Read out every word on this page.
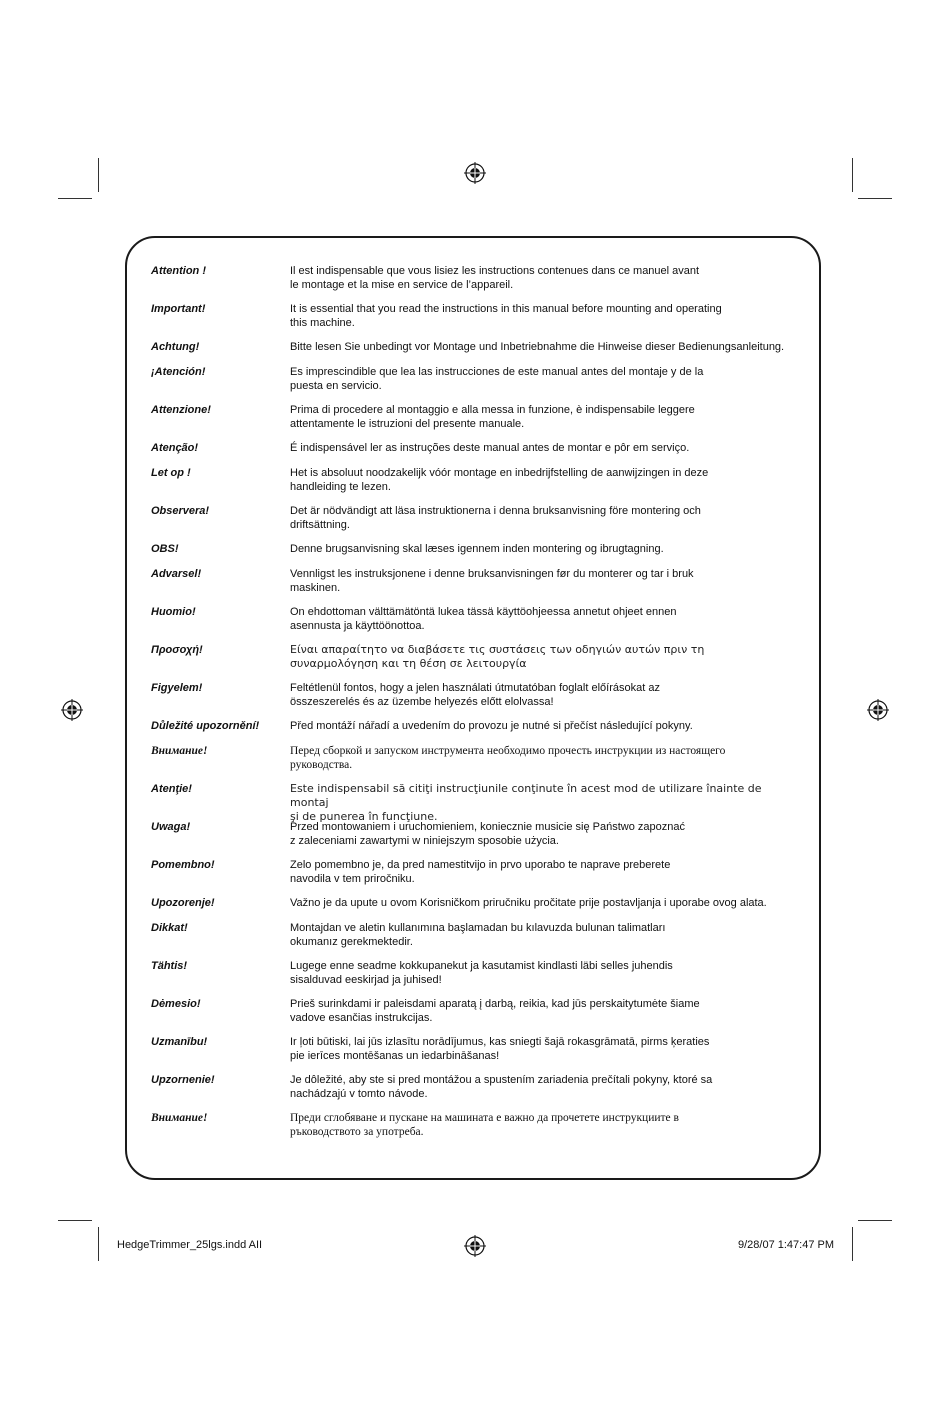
Attention !	Il est indispensable que vous lisiez les instructions contenues dans ce manuel avant
le montage et la mise en service de l’appareil.
Important!	It is essential that you read the instructions in this manual before mounting and operating
this machine.
Achtung!	Bitte lesen Sie unbedingt vor Montage und Inbetriebnahme die Hinweise dieser Bedienungsanleitung.
¡Atención!	Es imprescindible que lea las instrucciones de este manual antes del montaje y de la
puesta en servicio.
Attenzione!	Prima di procedere al montaggio e alla messa in funzione, è indispensabile leggere
attentamente le istruzioni del presente manuale.
Atenção!	É indispensável ler as instruções deste manual antes de montar e pôr em serviço.
Let op !	Het is absoluut noodzakelijk vóór montage en inbedrijfstelling de aanwijzingen in deze
handleiding te lezen.
Observera!	Det är nödvändigt att läsa instruktionerna i denna bruksanvisning före montering och
driftsättning.
OBS!	Denne brugsanvisning skal læses igennem inden montering og ibrugtagning.
Advarsel!	Vennligst les instruksjonene i denne bruksanvisningen før du monterer og tar i bruk
maskinen.
Huomio!	On ehdottoman välttämätöntä lukea tässä käyttöohjeessa annetut ohjeet ennen
asennusta ja käyttöönottoa.
Προσοχή!	Είναι απαραίτητο να διαβάσετε τις συστάσεις των οδηγιών αυτών πριν τη
συναρμολόγηση και τη θέση σε λειτουργία
Figyelem!	Feltétlenül fontos, hogy a jelen használati útmutatóban foglalt előírásokat az
összeszerelés és az üzembe helyezés előtt elolvassa!
Důležité upozornění!	Před montáží nářadí a uvedením do provozu je nutné si přečíst následující pokyny.
Внимание!	Перед сборкой и запуском инструмента необходимо прочесть инструкции из настоящего
руководства.
Atenţie!	Este indispensabil să citiţi instrucţiunile conţinute în acest mod de utilizare înainte de montaj
şi de punerea în funcţiune.
Uwaga!	Przed montowaniem i uruchomieniem, koniecznie musicie się Państwo zapoznać
z zaleceniami zawartymi w niniejszym sposobie użycia.
Pomembno!	Zelo pomembno je, da pred namestitvijo in prvo uporabo te naprave preberete
navodila v tem priročniku.
Upozorenje!	Važno je da upute u ovom Korisničkom priručniku pročitate prije postavljanja i uporabe ovog alata.
Dikkat!	Montajdan ve aletin kullanımına başlamadan bu kılavuzda bulunan talimatları
okumanız gerekmektedir.
Tähtis!	Lugege enne seadme kokkupanekut ja kasutamist kindlasti läbi selles juhendis
sisalduvad eeskirjad ja juhised!
Dėmesio!	Prieš surinkdami ir paleisdami aparatą į darbą, reikia, kad jūs perskaitytumėte šiame
vadove esančias instrukcijas.
Uzmanību!	Ir ļoti būtiski, lai jūs izlasītu norādījumus, kas sniegti šajā rokasgrāmatā, pirms ķeraties
pie ierīces montēšanas un iedarbināšanas!
Upzornenie!	Je dôležité, aby ste si pred montážou a spustením zariadenia prečítali pokyny, ktoré sa
nachádzajú v tomto návode.
Внимание!	Преди сглобяване и пускане на машината е важно да прочетете инструкциите в
ръководството за употреба.
HedgeTrimmer_25lgs.indd AII	9/28/07 1:47:47 PM
